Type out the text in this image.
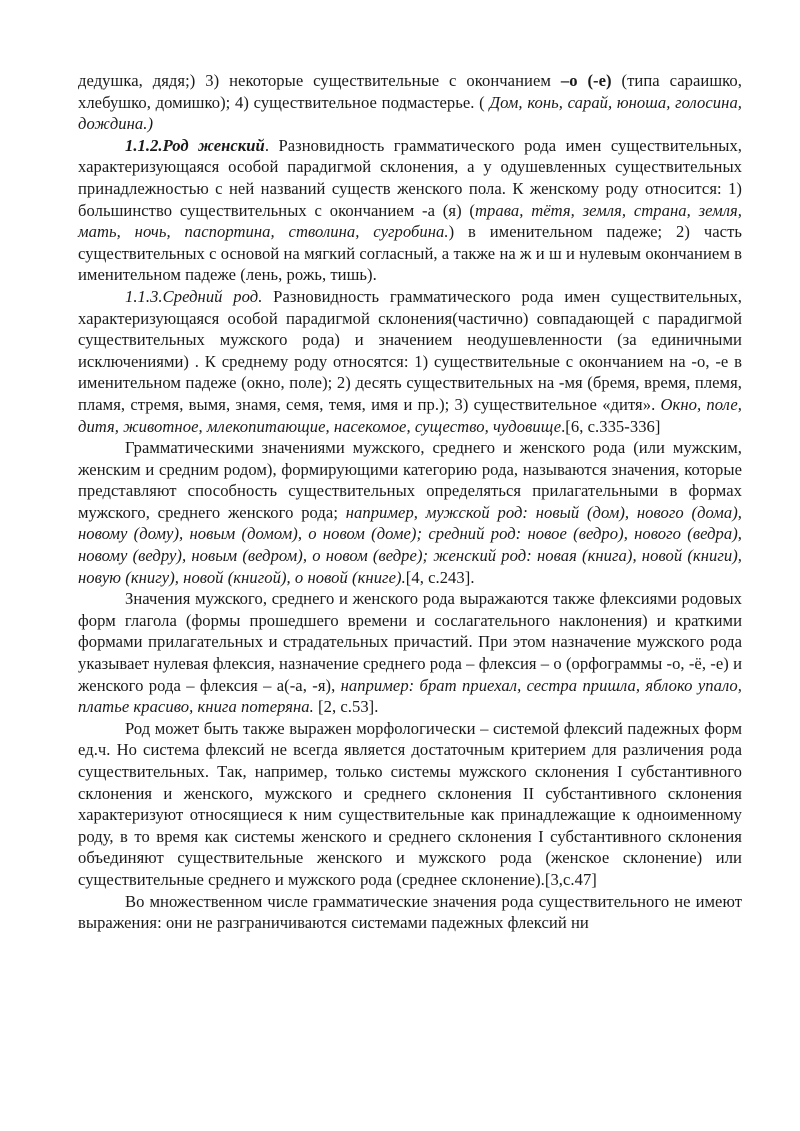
дедушка, дядя;) 3) некоторые существительные с окончанием –о (-е) (типа сараишко, хлебушко, домишко); 4) существительное подмастерье. ( Дом, конь, сарай, юноша, голосина, дождина.)

1.1.2.Род женский. Разновидность грамматического рода имен существительных, характеризующаяся особой парадигмой склонения, а у одушевленных существительных принадлежностью с ней названий существ женского пола. К женскому роду относится: 1) большинство существительных с окончанием -а (я) (трава, тётя, земля, страна, земля, мать, ночь, паспортина, стволина, сугробина.) в именительном падеже; 2) часть существительных с основой на мягкий согласный, а также на ж и ш и нулевым окончанием в именительном падеже (лень, рожь, тишь).

1.1.3.Средний род. Разновидность грамматического рода имен существительных, характеризующаяся особой парадигмой склонения(частично) совпадающей с парадигмой существительных мужского рода) и значением неодушевленности (за единичными исключениями) . К среднему роду относятся: 1) существительные с окончанием на -о, -е в именительном падеже (окно, поле); 2) десять существительных на -мя (бремя, время, племя, пламя, стремя, вымя, знамя, семя, темя, имя и пр.); 3) существительное «дитя». Окно, поле, дитя, животное, млекопитающие, насекомое, существо, чудовище.[6, с.335-336]

Грамматическими значениями мужского, среднего и женского рода (или мужским, женским и средним родом), формирующими категорию рода, называются значения, которые представляют способность существительных определяться прилагательными в формах мужского, среднего женского рода; например, мужской род: новый (дом), нового (дома), новому (дому), новым (домом), о новом (доме); средний род: новое (ведро), нового (ведра), новому (ведру), новым (ведром), о новом (ведре); женский род: новая (книга), новой (книги), новую (книгу), новой (книгой), о новой (книге).[4, с.243].

Значения мужского, среднего и женского рода выражаются также флексиями родовых форм глагола (формы прошедшего времени и сослагательного наклонения) и краткими формами прилагательных и страдательных причастий. При этом назначение мужского рода указывает нулевая флексия, назначение среднего рода – флексия – о (орфограммы -о, -ё, -е) и женского рода – флексия – а(-а, -я), например: брат приехал, сестра пришла, яблоко упало, платье красиво, книга потеряна. [2, с.53].

Род может быть также выражен морфологически – системой флексий падежных форм ед.ч. Но система флексий не всегда является достаточным критерием для различения рода существительных. Так, например, только системы мужского склонения I субстантивного склонения и женского, мужского и среднего склонения II субстантивного склонения характеризуют относящиеся к ним существительные как принадлежащие к одноименному роду, в то время как системы женского и среднего склонения I субстантивного склонения объединяют существительные женского и мужского рода (женское склонение) или существительные среднего и мужского рода (среднее склонение).[3,с.47]

Во множественном числе грамматические значения рода существительного не имеют выражения: они не разграничиваются системами падежных флексий ни
